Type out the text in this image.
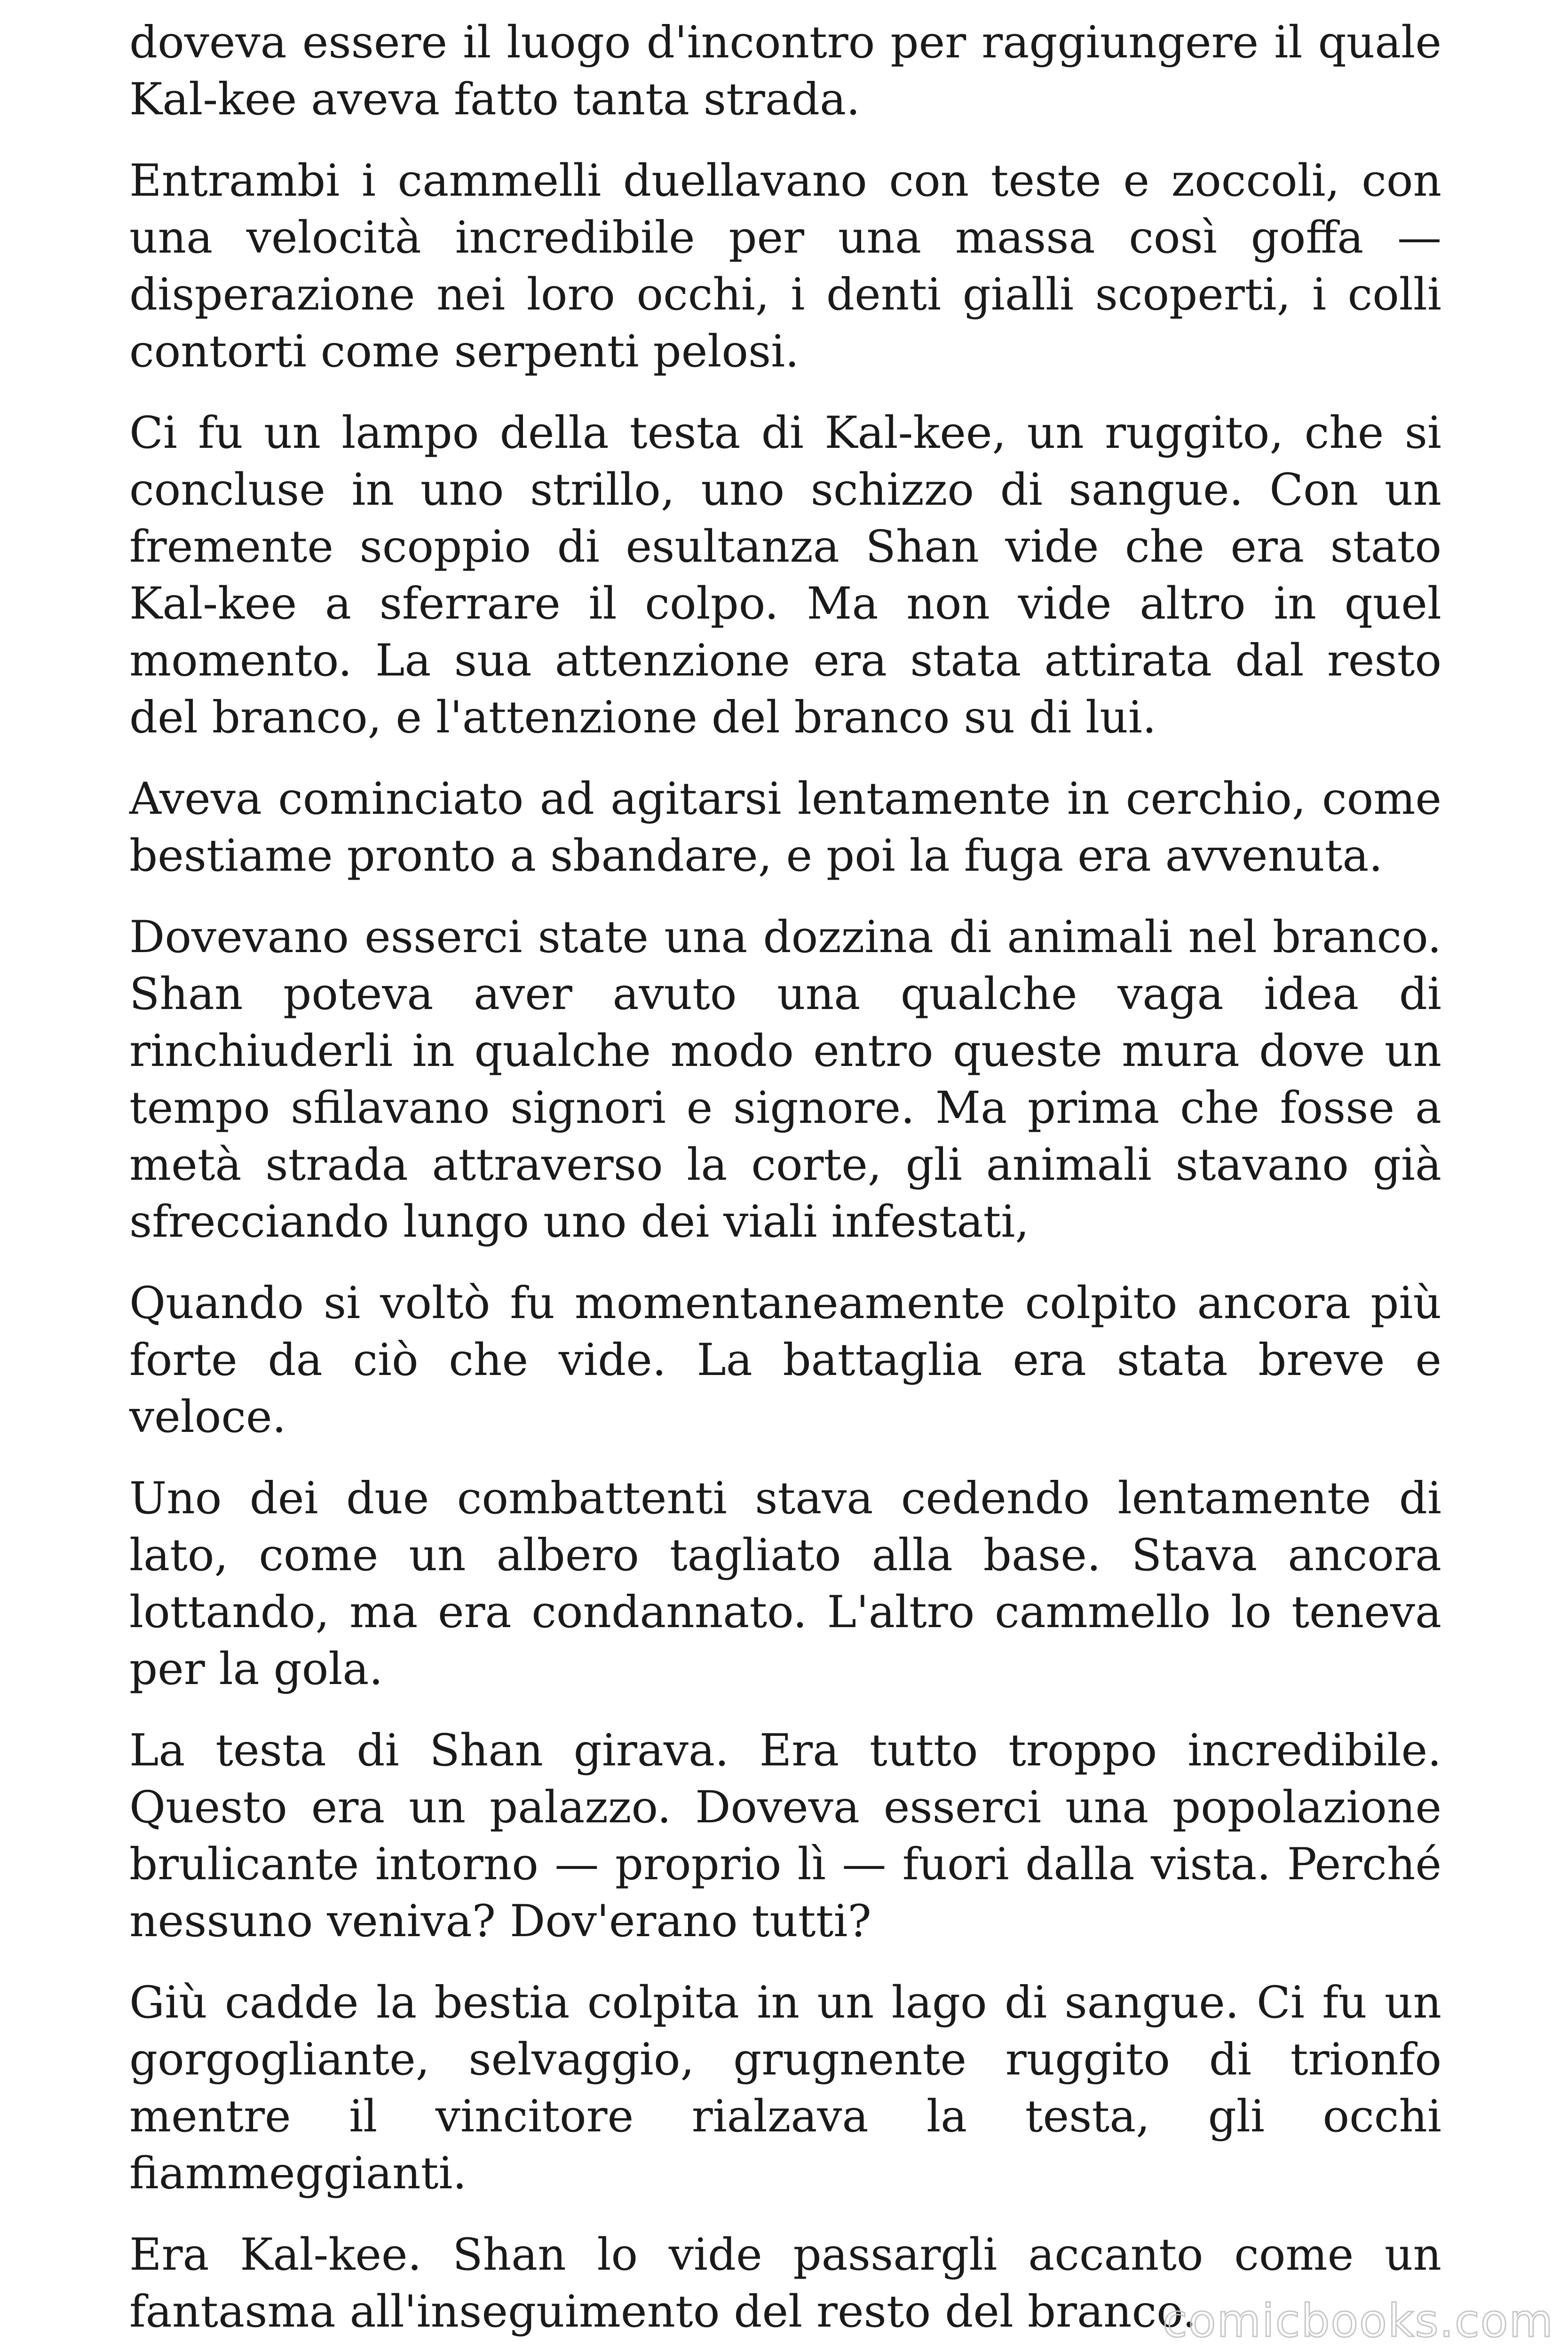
doveva essere il luogo d'incontro per raggiungere il quale Kal-kee aveva fatto tanta strada.

Entrambi i cammelli duellavano con teste e zoccoli, con una velocità incredibile per una massa così goffa — disperazione nei loro occhi, i denti gialli scoperti, i colli contorti come serpenti pelosi.

Ci fu un lampo della testa di Kal-kee, un ruggito, che si concluse in uno strillo, uno schizzo di sangue. Con un fremente scoppio di esultanza Shan vide che era stato Kal-kee a sferrare il colpo. Ma non vide altro in quel momento. La sua attenzione era stata attirata dal resto del branco, e l'attenzione del branco su di lui.

Aveva cominciato ad agitarsi lentamente in cerchio, come bestiame pronto a sbandare, e poi la fuga era avvenuta.

Dovevano esserci state una dozzina di animali nel branco. Shan poteva aver avuto una qualche vaga idea di rinchiuderli in qualche modo entro queste mura dove un tempo sfilavano signori e signore. Ma prima che fosse a metà strada attraverso la corte, gli animali stavano già sfrecciando lungo uno dei viali infestati,

Quando si voltò fu momentaneamente colpito ancora più forte da ciò che vide. La battaglia era stata breve e veloce.

Uno dei due combattenti stava cedendo lentamente di lato, come un albero tagliato alla base. Stava ancora lottando, ma era condannato. L'altro cammello lo teneva per la gola.

La testa di Shan girava. Era tutto troppo incredibile. Questo era un palazzo. Doveva esserci una popolazione brulicante intorno — proprio lì — fuori dalla vista. Perché nessuno veniva? Dov'erano tutti?

Giù cadde la bestia colpita in un lago di sangue. Ci fu un gorgogliante, selvaggio, grugnente ruggito di trionfo mentre il vincitore rialzava la testa, gli occhi fiammeggianti.

Era Kal-kee. Shan lo vide passargli accanto come un fantasma all'inseguimento del resto del branco.

comicbooks.com
